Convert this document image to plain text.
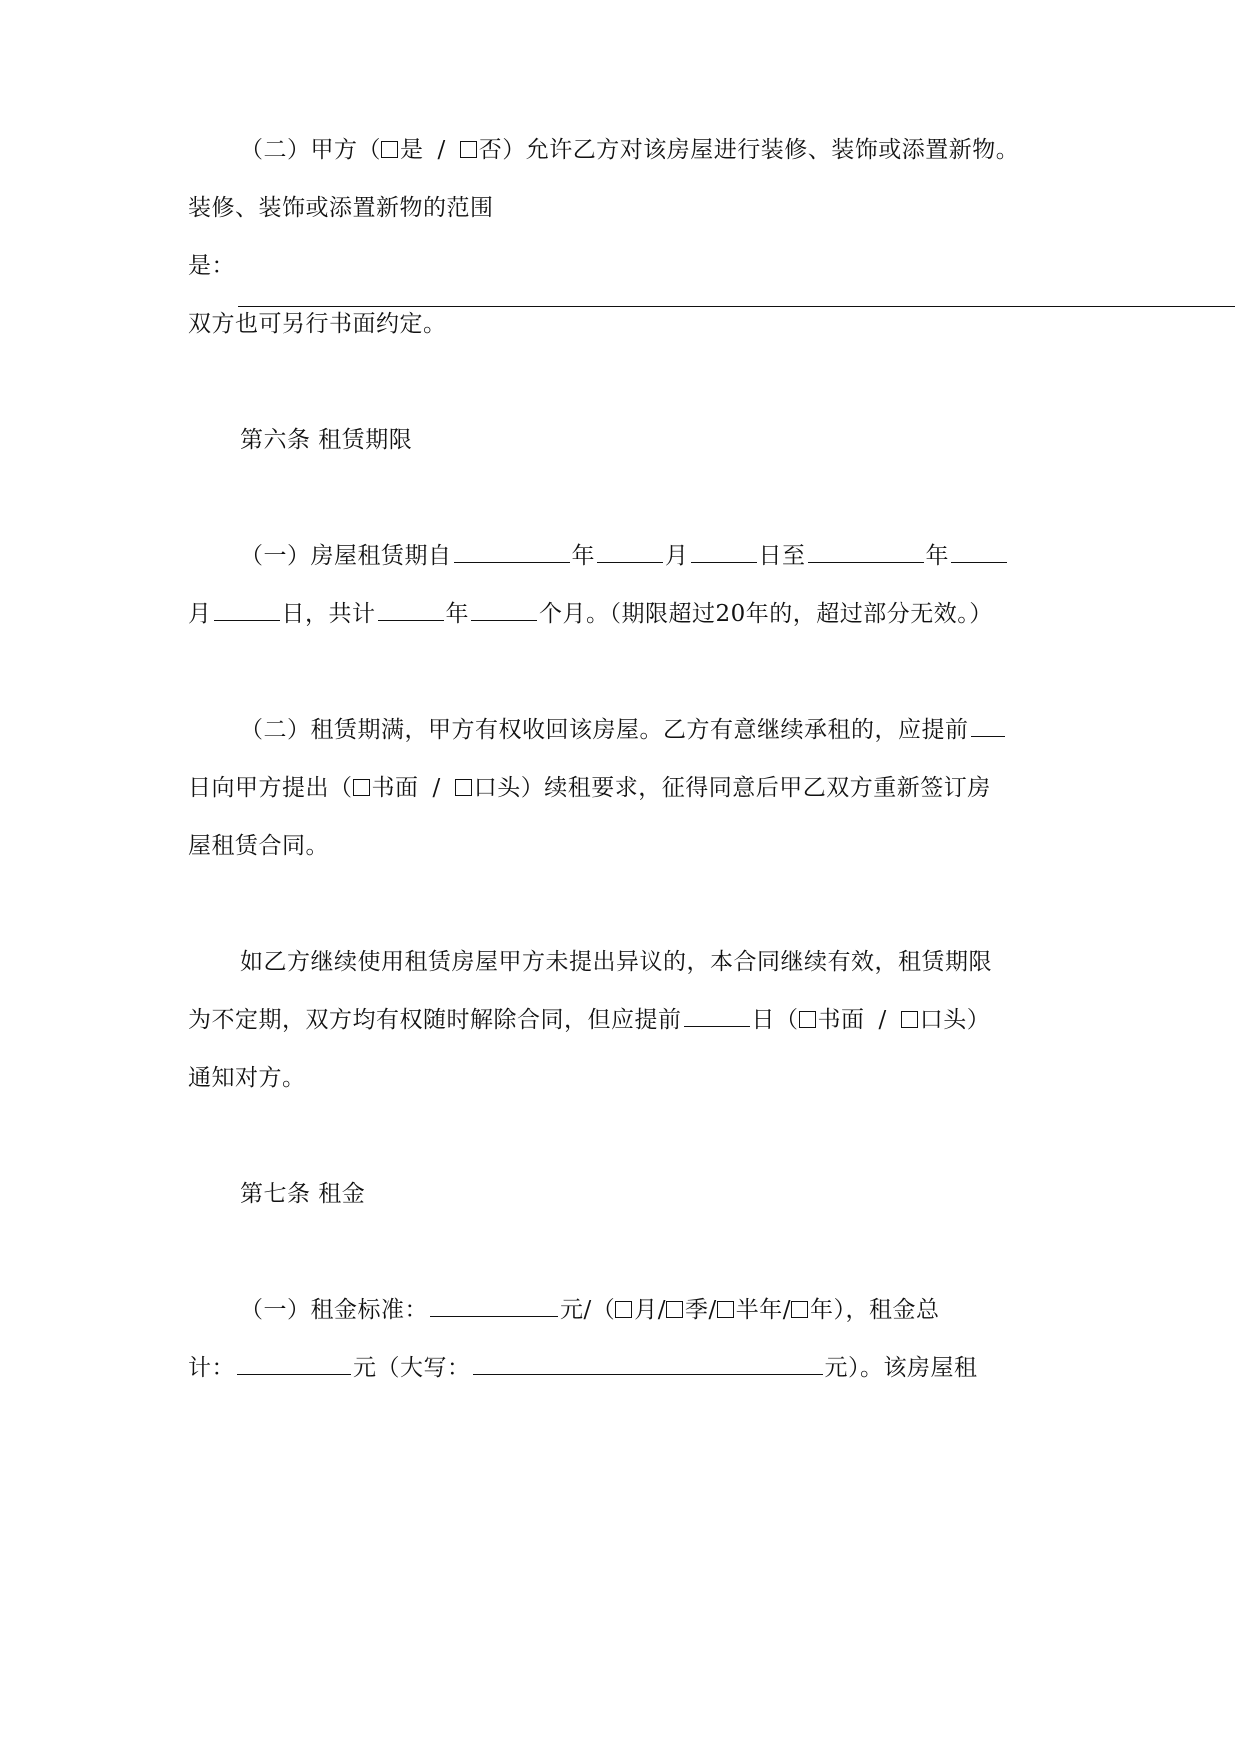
（二）甲方（ 是 / 否）允许乙方对该房屋进行装修、装饰或添置新物。
装修、装饰或添置新物的范围
是：
双方也可另行书面约定。
第六条 租赁期限
（一）房屋租赁期自	年	月	日至	年
月	日，共计	年	个月。（期限超过20年的，超过部分无效。）
（二）租赁期满，甲方有权收回该房屋。乙方有意继续承租的，应提前
日向甲方提出（ 书面 / 口头）续租要求，征得同意后甲乙双方重新签订房
屋租赁合同。
如乙方继续使用租赁房屋甲方未提出异议的，本合同继续有效，租赁期限
为不定期，双方均有权随时解除合同，但应提前	日（ 书面 / 口头）
通知对方。
第七条 租金
（一）租金标准：	元/（ 月/ 季/ 半年/ 年），租金总
计：	元（大写：	元）。该房屋租
